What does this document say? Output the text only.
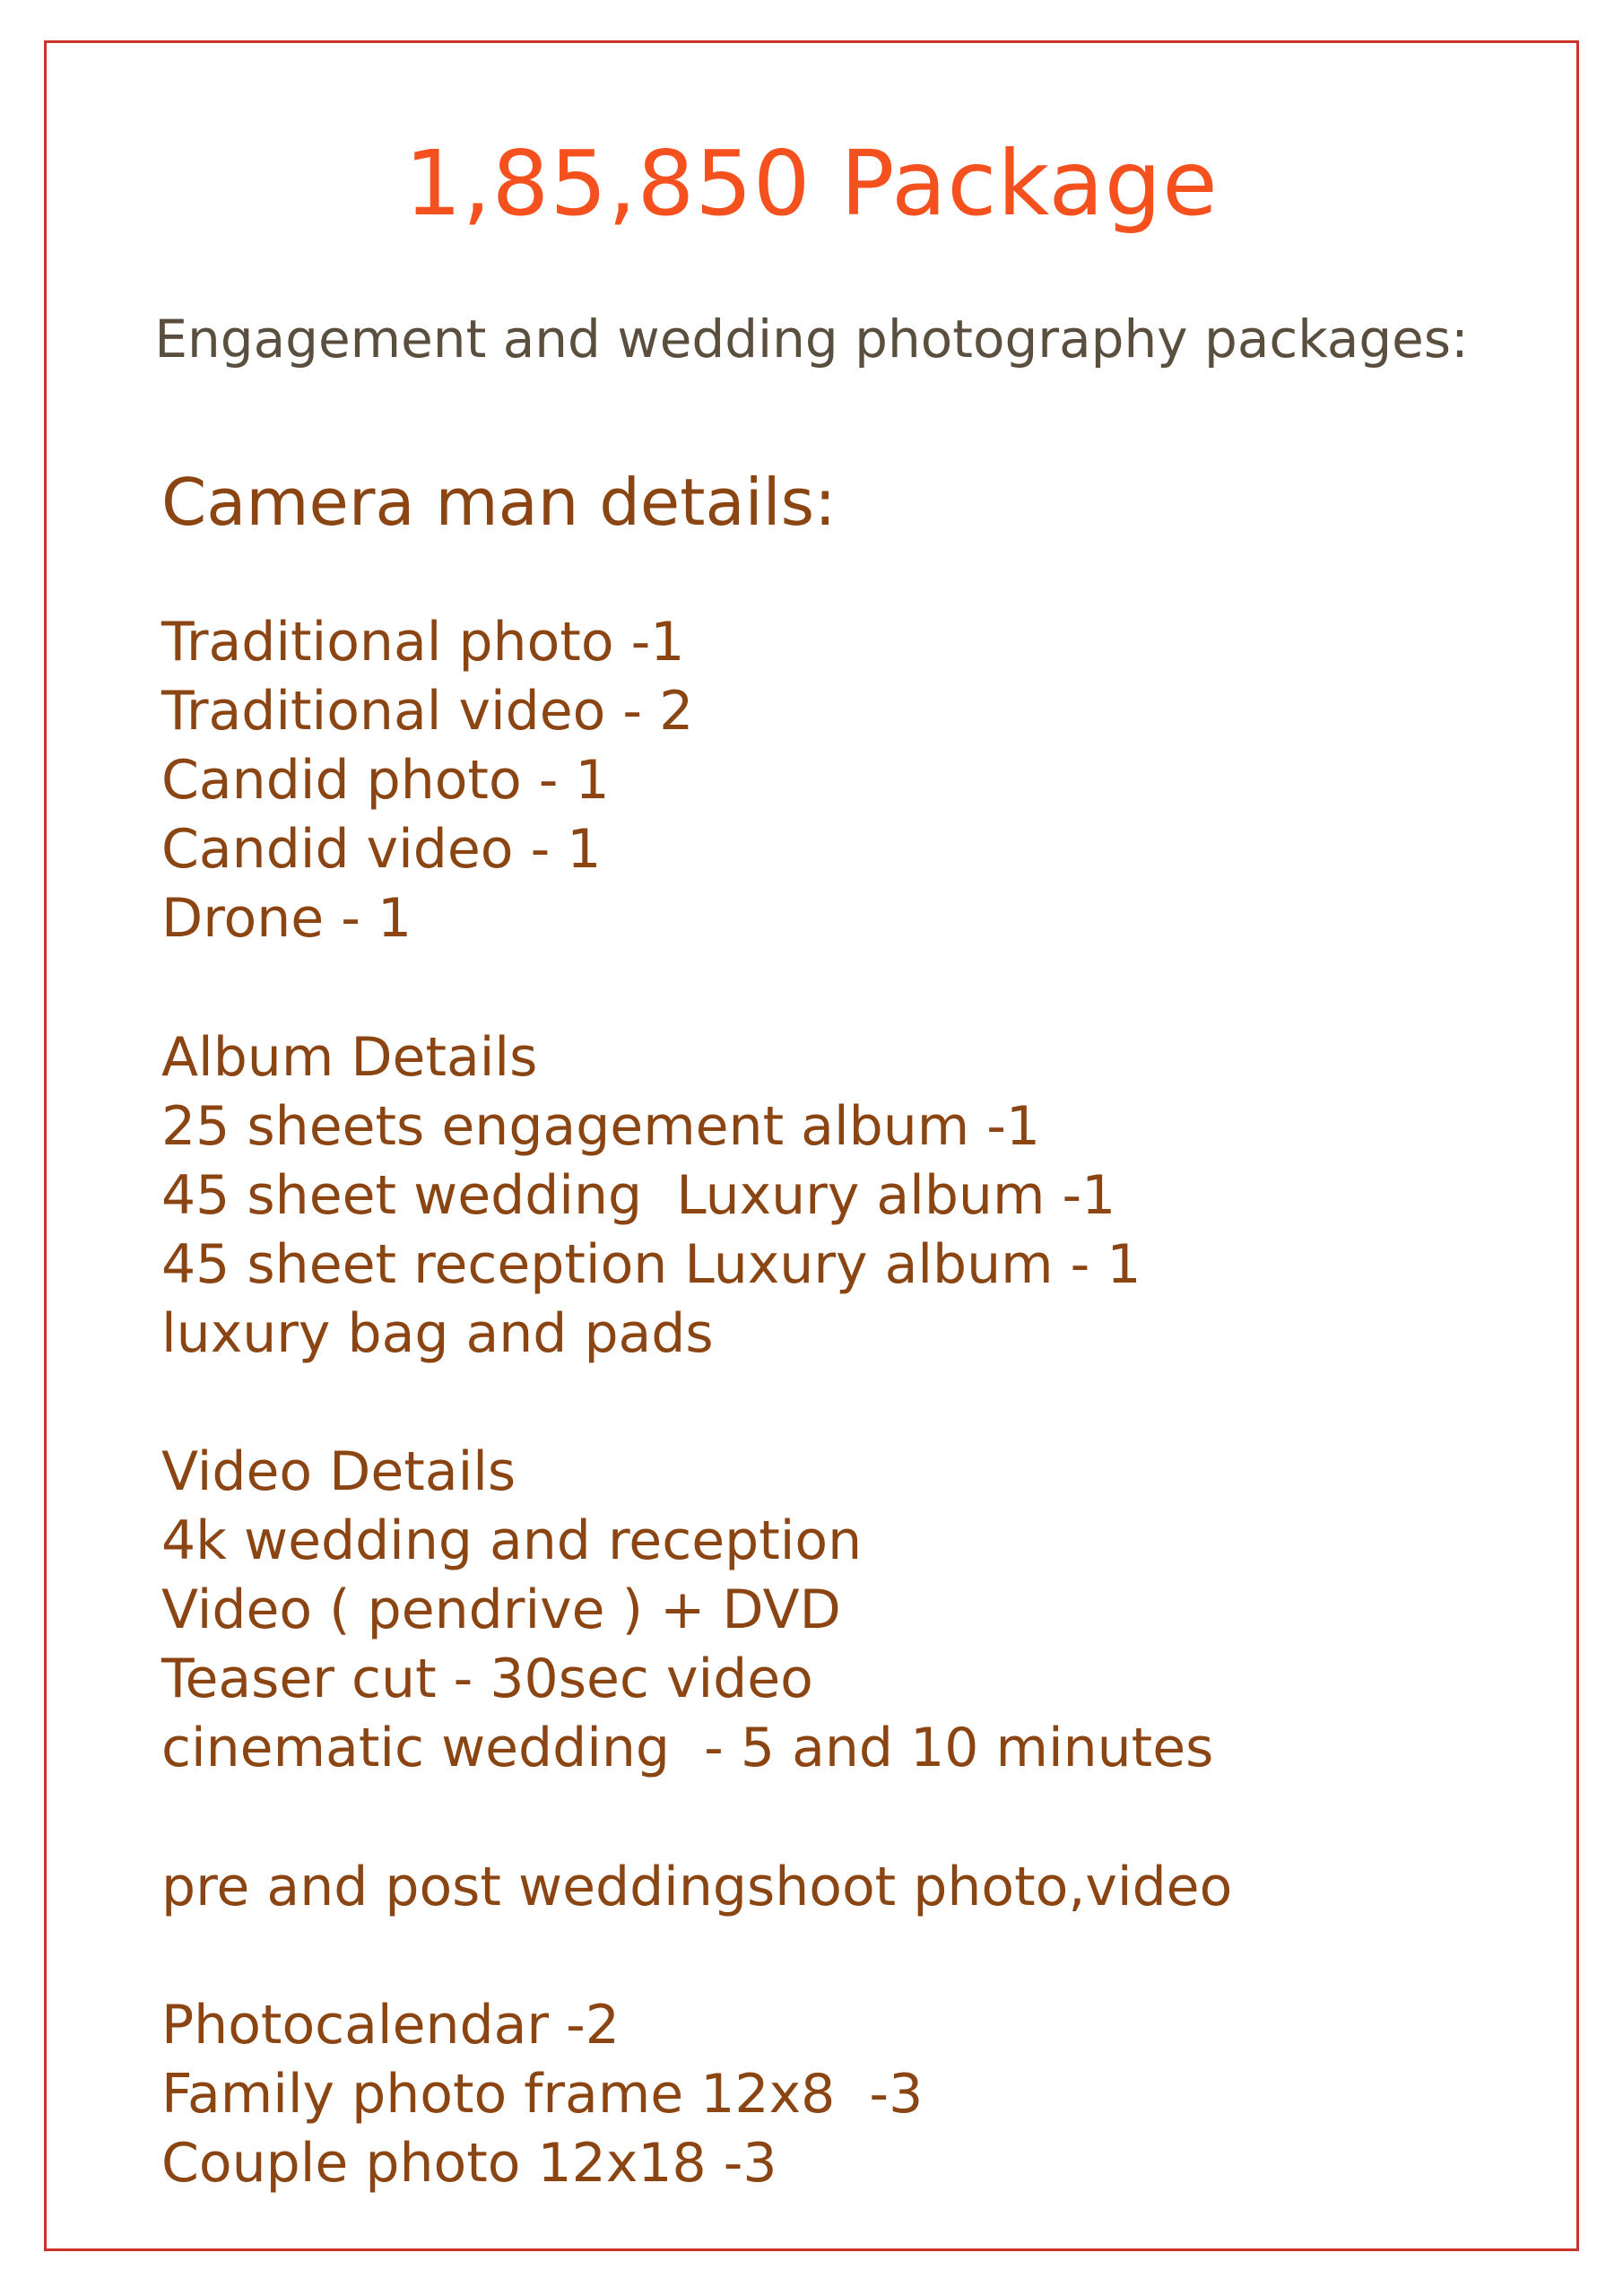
1,85,850 Package

Engagement and wedding photography packages:

Camera man details:
Traditional photo -1
Traditional video - 2
Candid photo - 1
Candid video - 1
Drone - 1
Album Details
25 sheets engagement album -1
45 sheet wedding  Luxury album -1
45 sheet reception Luxury album - 1
luxury bag and pads
Video Details
4k wedding and reception
Video ( pendrive ) + DVD
Teaser cut - 30sec video
cinematic wedding  - 5 and 10 minutes
pre and post weddingshoot photo,video
Photocalendar -2
Family photo frame 12x8  -3
Couple photo 12x18 -3
